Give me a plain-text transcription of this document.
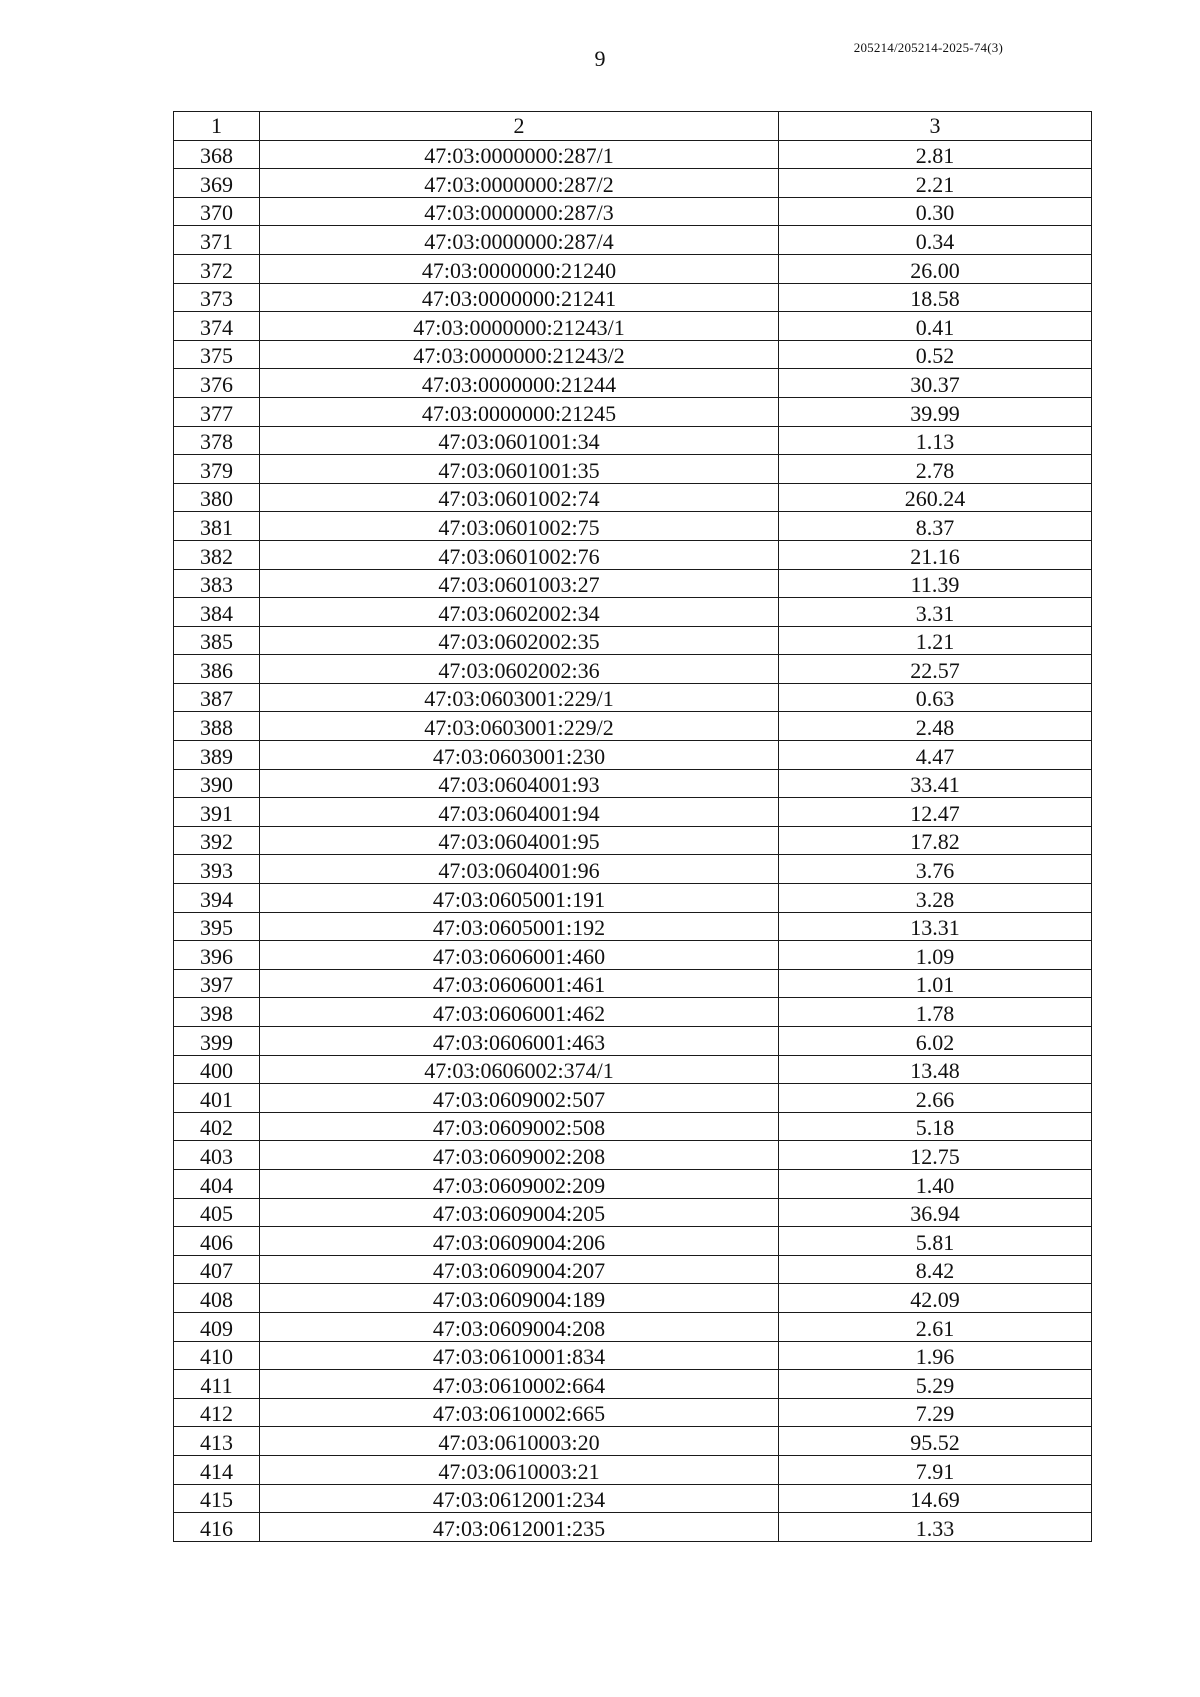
9	205214/205214-2025-74(3)
1	2	3
368	47:03:0000000:287/1	2.81
369	47:03:0000000:287/2	2.21
370	47:03:0000000:287/3	0.30
371	47:03:0000000:287/4	0.34
372	47:03:0000000:21240	26.00
373	47:03:0000000:21241	18.58
374	47:03:0000000:21243/1	0.41
375	47:03:0000000:21243/2	0.52
376	47:03:0000000:21244	30.37
377	47:03:0000000:21245	39.99
378	47:03:0601001:34	1.13
379	47:03:0601001:35	2.78
380	47:03:0601002:74	260.24
381	47:03:0601002:75	8.37
382	47:03:0601002:76	21.16
383	47:03:0601003:27	11.39
384	47:03:0602002:34	3.31
385	47:03:0602002:35	1.21
386	47:03:0602002:36	22.57
387	47:03:0603001:229/1	0.63
388	47:03:0603001:229/2	2.48
389	47:03:0603001:230	4.47
390	47:03:0604001:93	33.41
391	47:03:0604001:94	12.47
392	47:03:0604001:95	17.82
393	47:03:0604001:96	3.76
394	47:03:0605001:191	3.28
395	47:03:0605001:192	13.31
396	47:03:0606001:460	1.09
397	47:03:0606001:461	1.01
398	47:03:0606001:462	1.78
399	47:03:0606001:463	6.02
400	47:03:0606002:374/1	13.48
401	47:03:0609002:507	2.66
402	47:03:0609002:508	5.18
403	47:03:0609002:208	12.75
404	47:03:0609002:209	1.40
405	47:03:0609004:205	36.94
406	47:03:0609004:206	5.81
407	47:03:0609004:207	8.42
408	47:03:0609004:189	42.09
409	47:03:0609004:208	2.61
410	47:03:0610001:834	1.96
411	47:03:0610002:664	5.29
412	47:03:0610002:665	7.29
413	47:03:0610003:20	95.52
414	47:03:0610003:21	7.91
415	47:03:0612001:234	14.69
416	47:03:0612001:235	1.33
